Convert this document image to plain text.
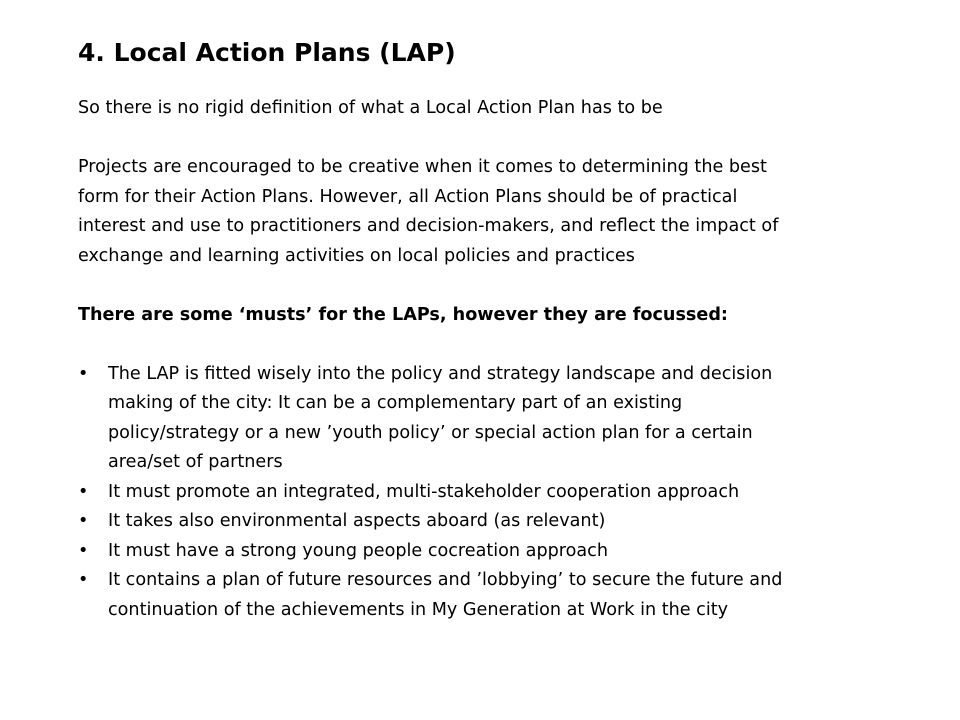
4. Local Action Plans (LAP)

So there is no rigid definition of what a Local Action Plan has to be

Projects are encouraged to be creative when it comes to determining the best

form for their Action Plans. However, all Action Plans should be of practical

interest and use to practitioners and decision-makers, and reflect the impact of

exchange and learning activities on local policies and practices

There are some ‘musts’ for the LAPs, however they are focussed:

•	The LAP is fitted wisely into the policy and strategy landscape and decision
making of the city: It can be a complementary part of an existing
policy/strategy or a new ’youth policy’ or special action plan for a certain
area/set of partners
•	It must promote an integrated, multi-stakeholder cooperation approach
•	It takes also environmental aspects aboard (as relevant)
•	It must have a strong young people cocreation approach
•	It contains a plan of future resources and ’lobbying’ to secure the future and
continuation of the achievements in My Generation at Work in the city
